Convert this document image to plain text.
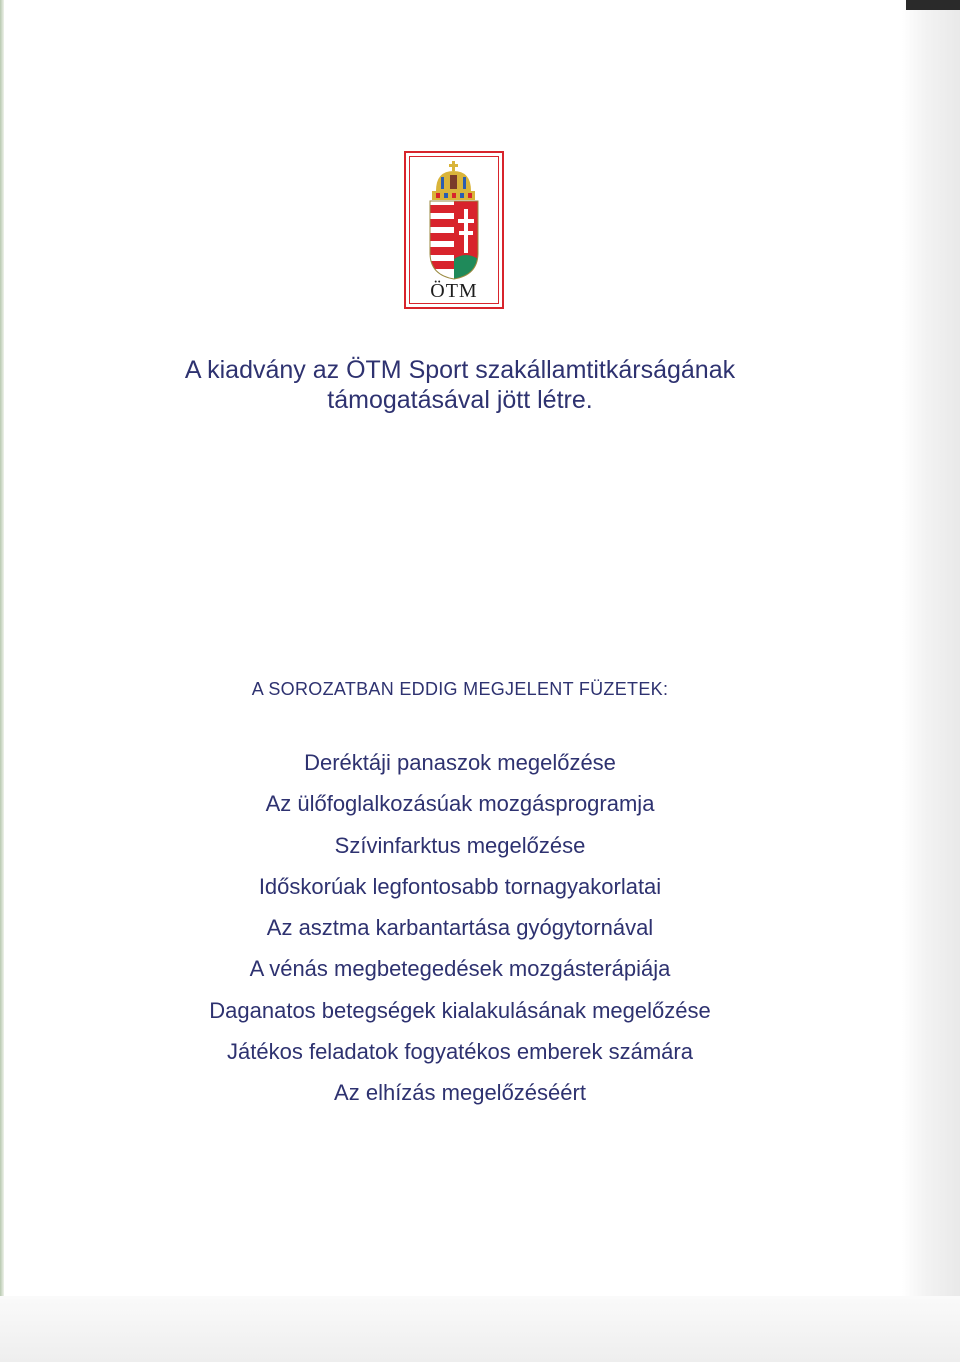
ÖTM
A kiadvány az ÖTM Sport szakállamtitkárságának
támogatásával jött létre.
A SOROZATBAN EDDIG MEGJELENT FÜZETEK:
Deréktáji panaszok megelőzése
Az ülőfoglalkozásúak mozgásprogramja
Szívinfarktus megelőzése
Időskorúak legfontosabb tornagyakorlatai
Az asztma karbantartása gyógytornával
A vénás megbetegedések mozgásterápiája
Daganatos betegségek kialakulásának megelőzése
Játékos feladatok fogyatékos emberek számára
Az elhízás megelőzéséért
